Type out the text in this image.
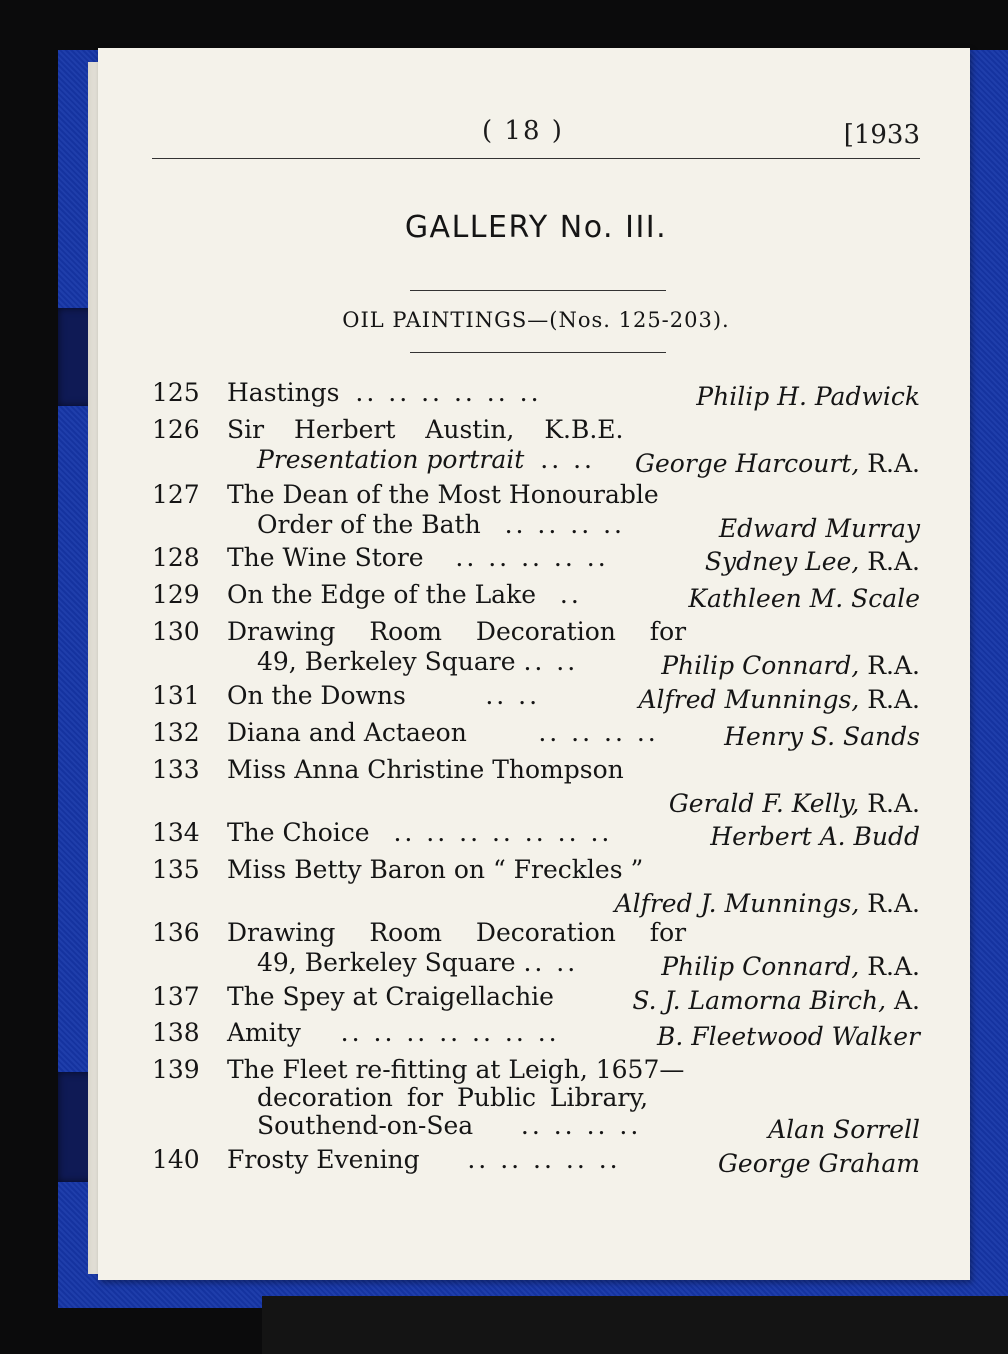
( 18 )	[1933
GALLERY No. III.
OIL PAINTINGS—(Nos. 125-203).
125	Hastings .. .. .. .. .. ..	Philip H. Padwick
126	Sir Herbert Austin, K.B.E.
Presentation portrait .. .. George Harcourt, R.A.
127	The Dean of the Most Honourable
Order of the Bath .. .. .. ..	Edward Murray
128	The Wine Store .. .. .. .. ..	Sydney Lee, R.A.
129	On the Edge of the Lake ..	Kathleen M. Scale
130	Drawing Room Decoration for
49, Berkeley Square .. ..	Philip Connard, R.A.
131	On the Downs	.. ..	Alfred Munnings, R.A.
132	Diana and Actaeon	.. .. .. ..	Henry S. Sands
133	Miss Anna Christine Thompson
Gerald F. Kelly, R.A.
134	The Choice .. .. .. .. .. .. ..	Herbert A. Budd
135	Miss Betty Baron on “ Freckles ”
Alfred J. Munnings, R.A.
136	Drawing Room Decoration for
49, Berkeley Square .. ..	Philip Connard, R.A.
137	The Spey at Craigellachie	S. J. Lamorna Birch, A.
138	Amity .. .. .. .. .. .. ..	B. Fleetwood Walker
139	The Fleet re-fitting at Leigh, 1657—
decoration for Public Library,
Southend-on-Sea .. .. .. ..	Alan Sorrell
140	Frosty Evening .. .. .. .. ..	George Graham
